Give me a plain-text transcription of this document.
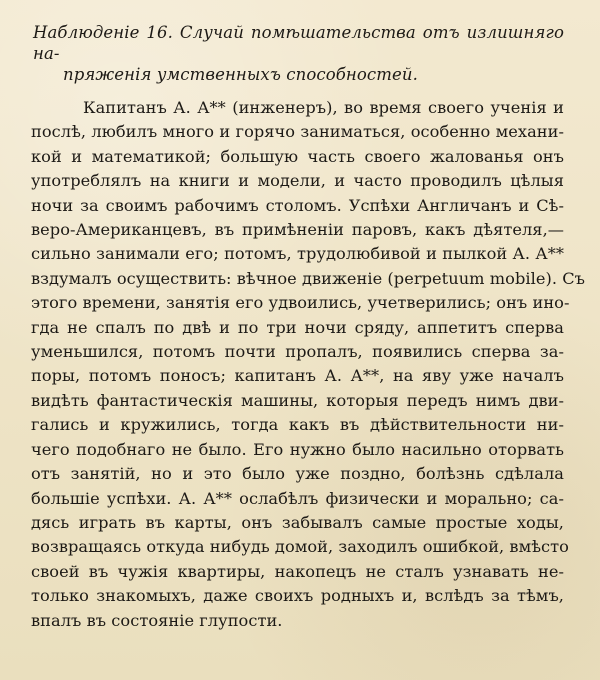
Наблюденіе 16. Случай помѣшательства отъ излишняго на-
пряженія умственныхъ способностей.
Капитанъ А. А** (инженеръ), во время своего ученія и
послѣ, любилъ много и горячо заниматься, особенно механи-
кой и математикой; большую часть своего жалованья онъ
употреблялъ на книги и модели, и часто проводилъ цѣлыя
ночи за своимъ рабочимъ столомъ. Успѣхи Англичанъ и Сѣ-
веро-Американцевъ, въ примѣненіи паровъ, какъ дѣятеля,—
сильно занимали его; потомъ, трудолюбивой и пылкой А. А**
вздумалъ осуществить: вѣчное движеніе (perpetuum mobile). Съ
этого времени, занятія его удвоились, учетверились; онъ ино-
гда не спалъ по двѣ и по три ночи сряду, аппетитъ сперва
уменьшился, потомъ почти пропалъ, появились сперва за-
поры, потомъ поносъ; капитанъ А. А**, на яву уже началъ
видѣть фантастическія машины, которыя передъ нимъ дви-
гались и кружились, тогда какъ въ дѣйствительности ни-
чего подобнаго не было. Его нужно было насильно оторвать
отъ занятій, но и это было уже поздно, болѣзнь сдѣлала
большіе успѣхи. А. А** ослабѣлъ физически и морально; са-
дясь играть въ карты, онъ забывалъ самые простые ходы,
возвращаясь откуда нибудь домой, заходилъ ошибкой, вмѣсто
своей въ чужія квартиры, накопецъ не сталъ узнавать не-
только знакомыхъ, даже своихъ родныхъ и, вслѣдъ за тѣмъ,
впалъ въ состояніе глупости.
